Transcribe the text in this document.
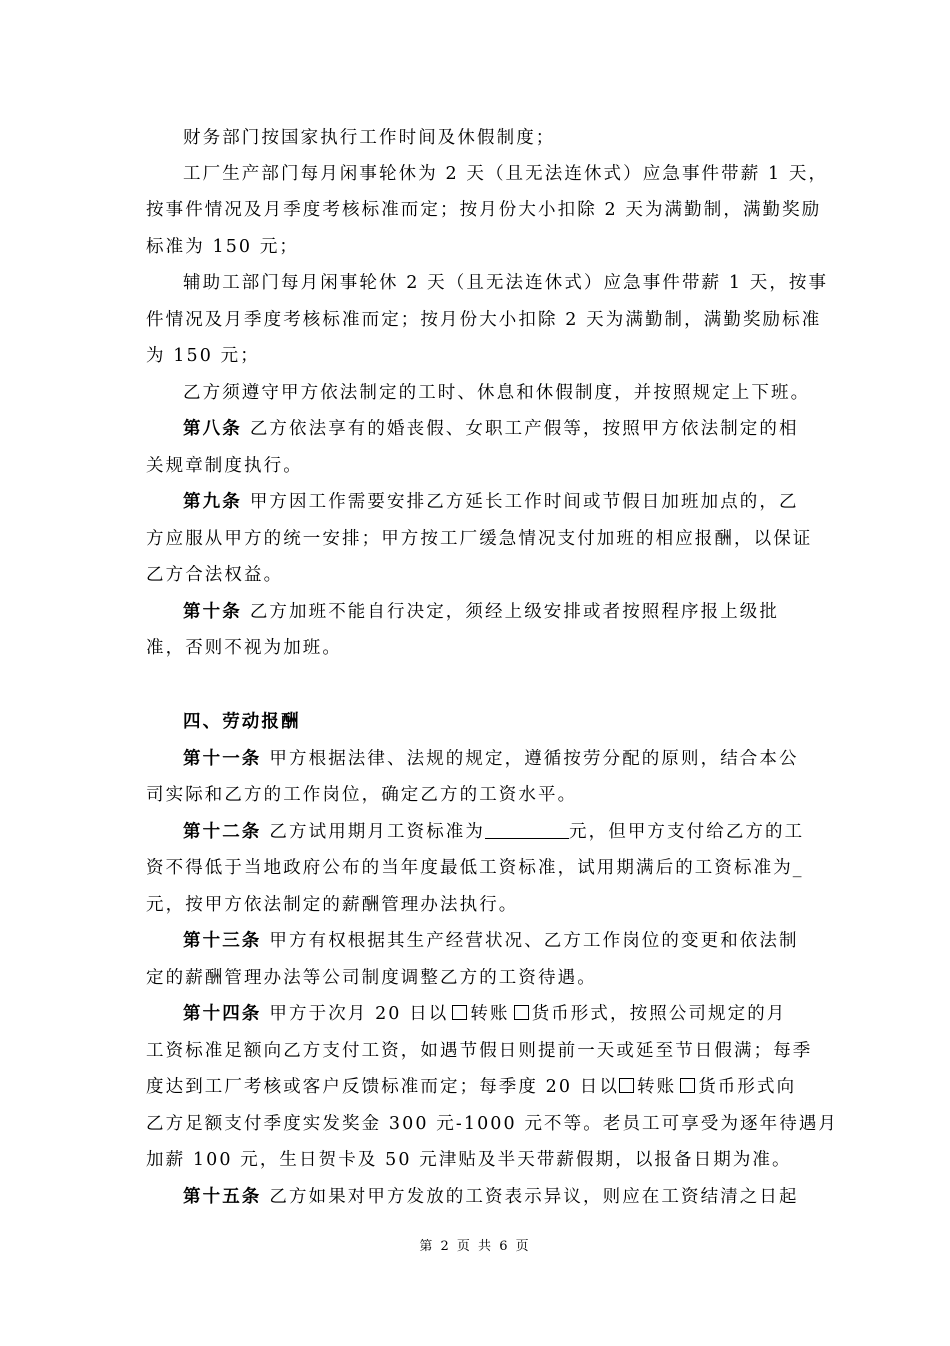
财务部门按国家执行工作时间及休假制度；
工厂生产部门每月闲事轮休为 2 天（且无法连休式）应急事件带薪 1 天，
按事件情况及月季度考核标准而定；按月份大小扣除 2 天为满勤制，满勤奖励
标准为 150 元；
辅助工部门每月闲事轮休 2 天（且无法连休式）应急事件带薪 1 天，按事
件情况及月季度考核标准而定；按月份大小扣除 2 天为满勤制，满勤奖励标准
为 150 元；
乙方须遵守甲方依法制定的工时、休息和休假制度，并按照规定上下班。
第八条 乙方依法享有的婚丧假、女职工产假等，按照甲方依法制定的相
关规章制度执行。
第九条 甲方因工作需要安排乙方延长工作时间或节假日加班加点的，乙
方应服从甲方的统一安排；甲方按工厂缓急情况支付加班的相应报酬，以保证
乙方合法权益。
第十条 乙方加班不能自行决定，须经上级安排或者按照程序报上级批
准，否则不视为加班。
四、劳动报酬
第十一条 甲方根据法律、法规的规定，遵循按劳分配的原则，结合本公
司实际和乙方的工作岗位，确定乙方的工资水平。
第十二条 乙方试用期月工资标准为	元，但甲方支付给乙方的工
资不得低于当地政府公布的当年度最低工资标准，试用期满后的工资标准为_
元，按甲方依法制定的薪酬管理办法执行。
第十三条 甲方有权根据其生产经营状况、乙方工作岗位的变更和依法制
定的薪酬管理办法等公司制度调整乙方的工资待遇。
第十四条 甲方于次月 20 日以 转账 货币形式，按照公司规定的月
工资标准足额向乙方支付工资，如遇节假日则提前一天或延至节日假满；每季
度达到工厂考核或客户反馈标准而定；每季度 20 日以 转账 货币形式向
乙方足额支付季度实发奖金 300 元-1000 元不等。老员工可享受为逐年待遇月
加薪 100 元，生日贺卡及 50 元津贴及半天带薪假期，以报备日期为准。
第十五条 乙方如果对甲方发放的工资表示异议，则应在工资结清之日起
第 2 页 共 6 页
